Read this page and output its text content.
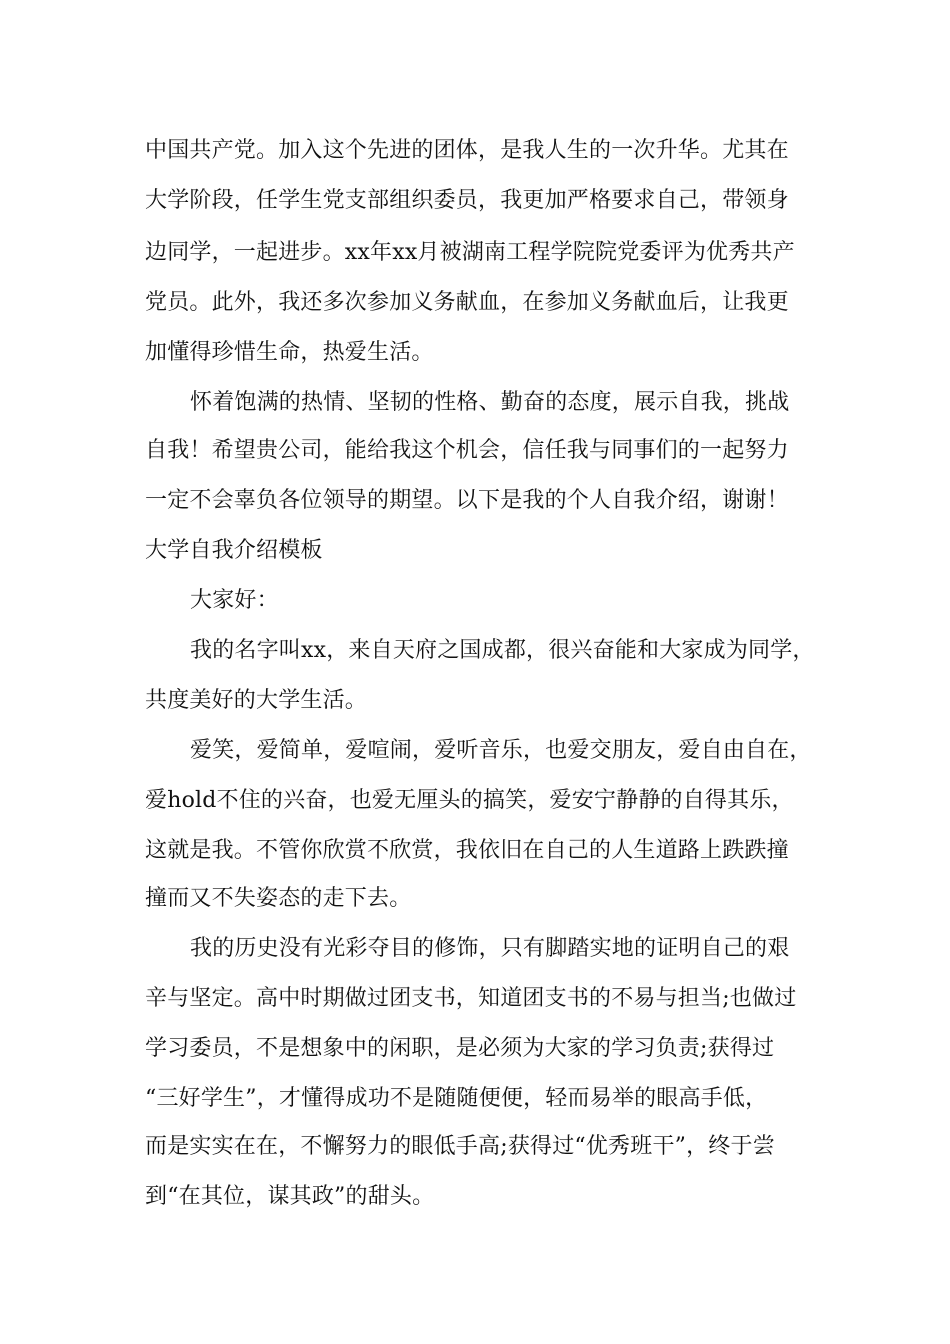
中国共产党。加入这个先进的团体，是我人生的一次升华。尤其在
大学阶段，任学生党支部组织委员，我更加严格要求自己，带领身
边同学，一起进步。xx年xx月被湖南工程学院院党委评为优秀共产
党员。此外，我还多次参加义务献血，在参加义务献血后，让我更
加懂得珍惜生命，热爱生活。
怀着饱满的热情、坚韧的性格、勤奋的态度，展示自我，挑战
自我！希望贵公司，能给我这个机会，信任我与同事们的一起努力
一定不会辜负各位领导的期望。以下是我的个人自我介绍，谢谢！
大学自我介绍模板
大家好：
我的名字叫xx，来自天府之国成都，很兴奋能和大家成为同学，
共度美好的大学生活。
爱笑，爱简单，爱喧闹，爱听音乐，也爱交朋友，爱自由自在，
爱hold不住的兴奋，也爱无厘头的搞笑，爱安宁静静的自得其乐，
这就是我。不管你欣赏不欣赏，我依旧在自己的人生道路上跌跌撞
撞而又不失姿态的走下去。
我的历史没有光彩夺目的修饰，只有脚踏实地的证明自己的艰
辛与坚定。高中时期做过团支书，知道团支书的不易与担当;也做过
学习委员，不是想象中的闲职，是必须为大家的学习负责;获得过
“三好学生”，才懂得成功不是随随便便，轻而易举的眼高手低，
而是实实在在，不懈努力的眼低手高;获得过“优秀班干”，终于尝
到“在其位，谋其政”的甜头。
